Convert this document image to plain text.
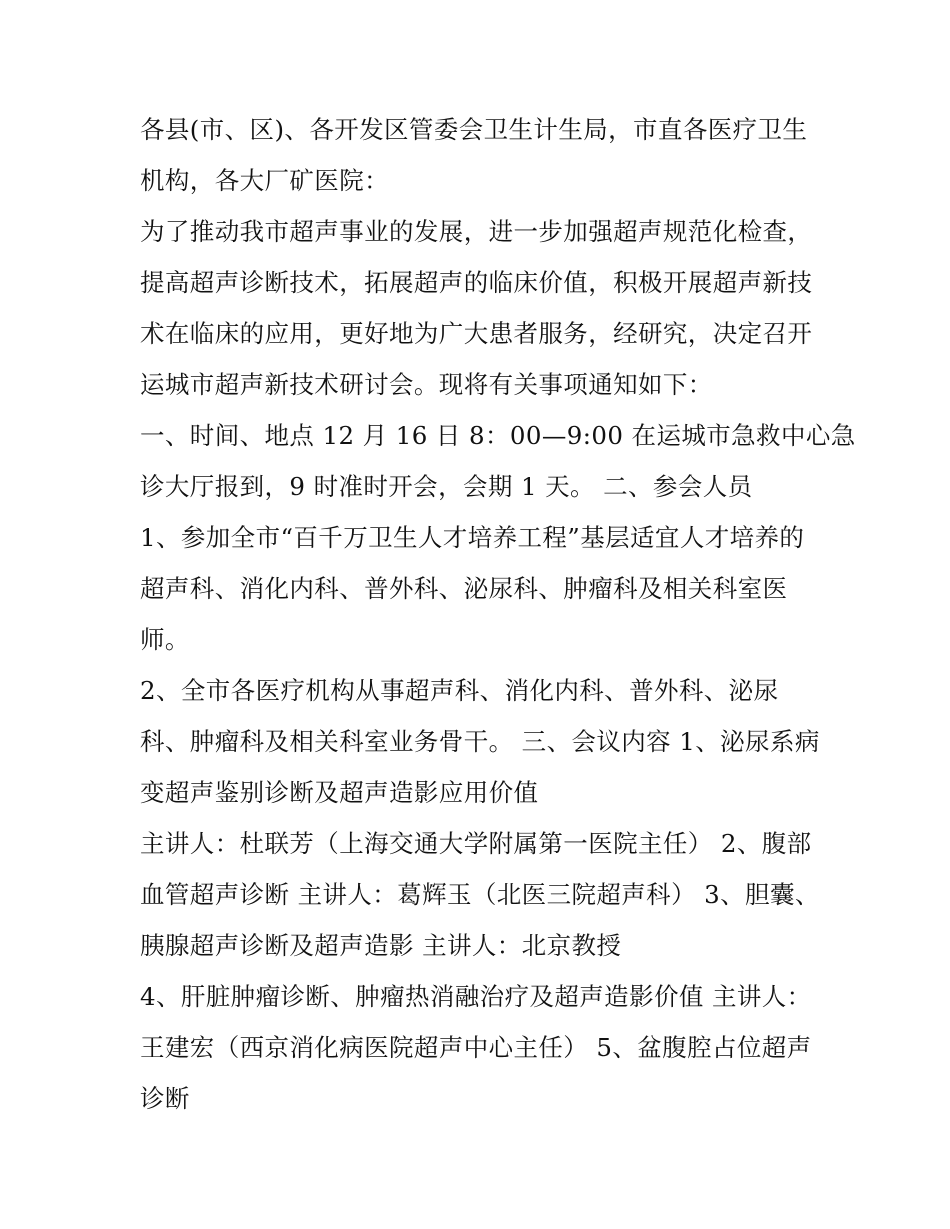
各县(市、区)、各开发区管委会卫生计生局，市直各医疗卫生
机构，各大厂矿医院：
为了推动我市超声事业的发展，进一步加强超声规范化检查，
提高超声诊断技术，拓展超声的临床价值，积极开展超声新技
术在临床的应用，更好地为广大患者服务，经研究，决定召开
运城市超声新技术研讨会。现将有关事项通知如下：
一、时间、地点 12 月 16 日 8：00—9:00 在运城市急救中心急
诊大厅报到，9 时准时开会，会期 1 天。 二、参会人员
1、参加全市“百千万卫生人才培养工程”基层适宜人才培养的
超声科、消化内科、普外科、泌尿科、肿瘤科及相关科室医
师。
2、全市各医疗机构从事超声科、消化内科、普外科、泌尿
科、肿瘤科及相关科室业务骨干。 三、会议内容 1、泌尿系病
变超声鉴别诊断及超声造影应用价值
主讲人：杜联芳（上海交通大学附属第一医院主任） 2、腹部
血管超声诊断 主讲人：葛辉玉（北医三院超声科） 3、胆囊、
胰腺超声诊断及超声造影 主讲人：北京教授
4、肝脏肿瘤诊断、肿瘤热消融治疗及超声造影价值 主讲人：
王建宏（西京消化病医院超声中心主任） 5、盆腹腔占位超声
诊断
